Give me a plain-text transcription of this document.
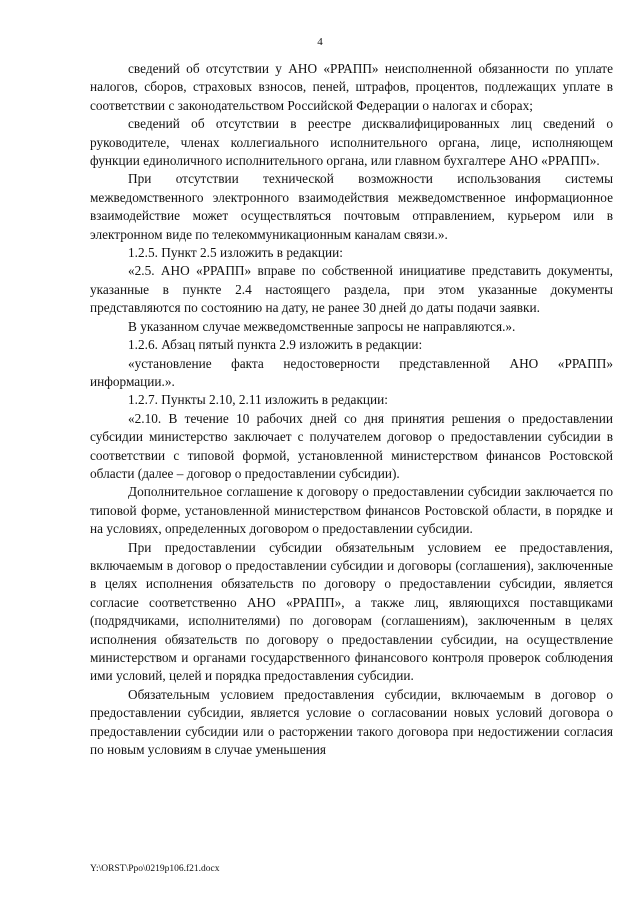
4

сведений об отсутствии у АНО «РРАПП» неисполненной обязанности по уплате налогов, сборов, страховых взносов, пеней, штрафов, процентов, подлежащих уплате в соответствии с законодательством Российской Федерации о налогах и сборах;

сведений об отсутствии в реестре дисквалифицированных лиц сведений о руководителе, членах коллегиального исполнительного органа, лице, исполняющем функции единоличного исполнительного органа, или главном бухгалтере АНО «РРАПП».

При отсутствии технической возможности использования системы межведомственного электронного взаимодействия межведомственное информационное взаимодействие может осуществляться почтовым отправлением, курьером или в электронном виде по телекоммуникационным каналам связи.».

1.2.5. Пункт 2.5 изложить в редакции:

«2.5. АНО «РРАПП» вправе по собственной инициативе представить документы, указанные в пункте 2.4 настоящего раздела, при этом указанные документы представляются по состоянию на дату, не ранее 30 дней до даты подачи заявки.

В указанном случае межведомственные запросы не направляются.».

1.2.6. Абзац пятый пункта 2.9 изложить в редакции:

«установление факта недостоверности представленной АНО «РРАПП» информации.».

1.2.7. Пункты 2.10, 2.11 изложить в редакции:

«2.10. В течение 10 рабочих дней со дня принятия решения о предоставлении субсидии министерство заключает с получателем договор о предоставлении субсидии в соответствии с типовой формой, установленной министерством финансов Ростовской области (далее – договор о предоставлении субсидии).

Дополнительное соглашение к договору о предоставлении субсидии заключается по типовой форме, установленной министерством финансов Ростовской области, в порядке и на условиях, определенных договором о предоставлении субсидии.

При предоставлении субсидии обязательным условием ее предоставления, включаемым в договор о предоставлении субсидии и договоры (соглашения), заключенные в целях исполнения обязательств по договору о предоставлении субсидии, является согласие соответственно АНО «РРАПП», а также лиц, являющихся поставщиками (подрядчиками, исполнителями) по договорам (соглашениям), заключенным в целях исполнения обязательств по договору о предоставлении субсидии, на осуществление министерством и органами государственного финансового контроля проверок соблюдения ими условий, целей и порядка предоставления субсидии.

Обязательным условием предоставления субсидии, включаемым в договор о предоставлении субсидии, является условие о согласовании новых условий договора о предоставлении субсидии или о расторжении такого договора при недостижении согласия по новым условиям в случае уменьшения

Y:\ORST\Ppo\0219p106.f21.docx
